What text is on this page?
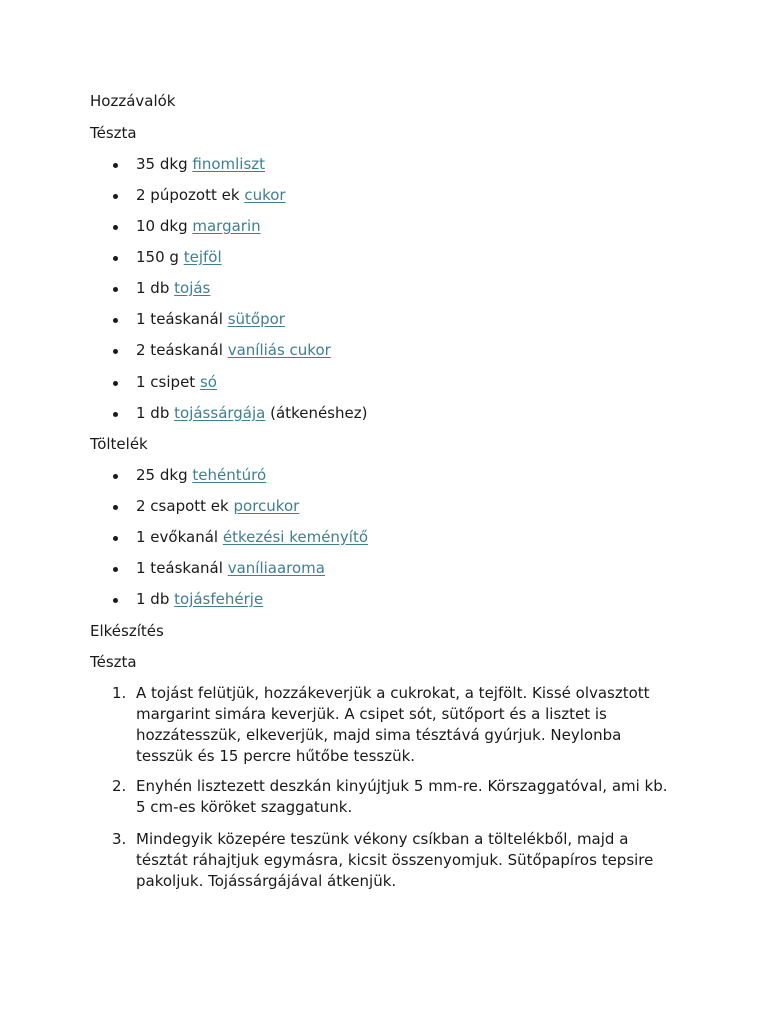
Hozzávalók
Tészta
35 dkg finomliszt
2 púpozott ek cukor
10 dkg margarin
150 g tejföl
1 db tojás
1 teáskanál sütőpor
2 teáskanál vaníliás cukor
1 csipet só
1 db tojássárgája (átkenéshez)
Töltelék
25 dkg tehéntúró
2 csapott ek porcukor
1 evőkanál étkezési keményítő
1 teáskanál vaníliaaroma
1 db tojásfehérje
Elkészítés
Tészta
1. A tojást felütjük, hozzákeverjük a cukrokat, a tejfölt. Kissé olvasztott margarint simára keverjük. A csipet sót, sütőport és a lisztet is hozzátesszük, elkeverjük, majd sima tésztává gyúrjuk. Neylonba tesszük és 15 percre hűtőbe tesszük.
2. Enyhén lisztezett deszkán kinyújtjuk 5 mm-re. Körszaggatóval, ami kb. 5 cm-es köröket szaggatunk.
3. Mindegyik közepére teszünk vékony csíkban a töltelékből, majd a tésztát ráhajtjuk egymásra, kicsit összenyomjuk. Sütőpapíros tepsire pakoljuk. Tojássárgájával átkenjük.
